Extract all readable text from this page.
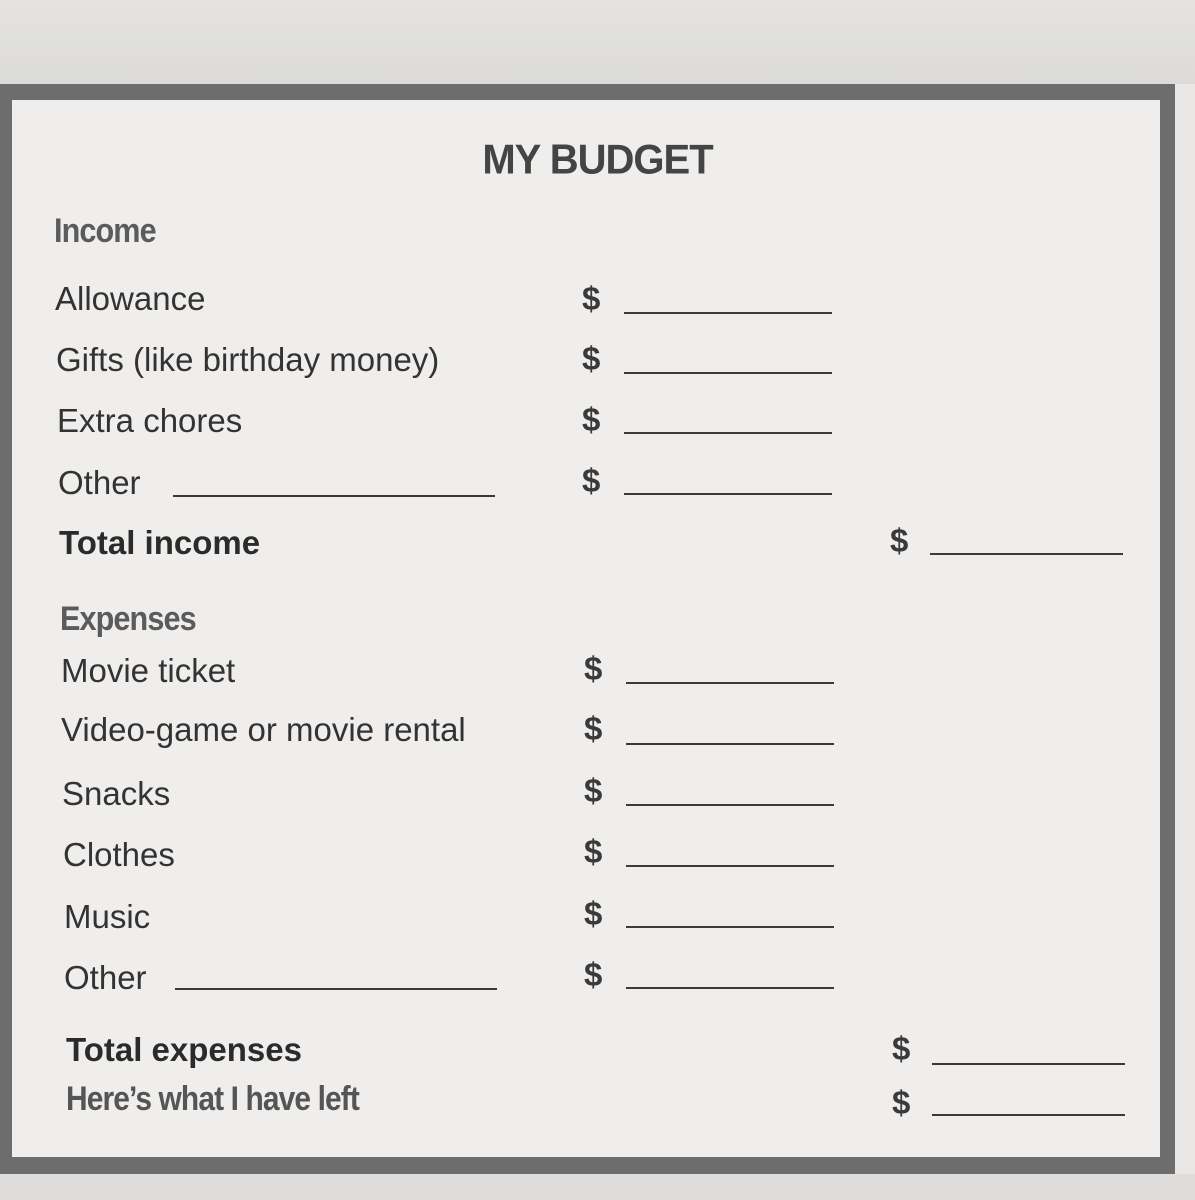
MY BUDGET
Income
Allowance	$
Gifts (like birthday money)	$
Extra chores	$
Other	$
Total income	$
Expenses
Movie ticket	$
Video-game or movie rental	$
Snacks	$
Clothes	$
Music	$
Other	$
Total expenses	$
Here’s what I have left	$
